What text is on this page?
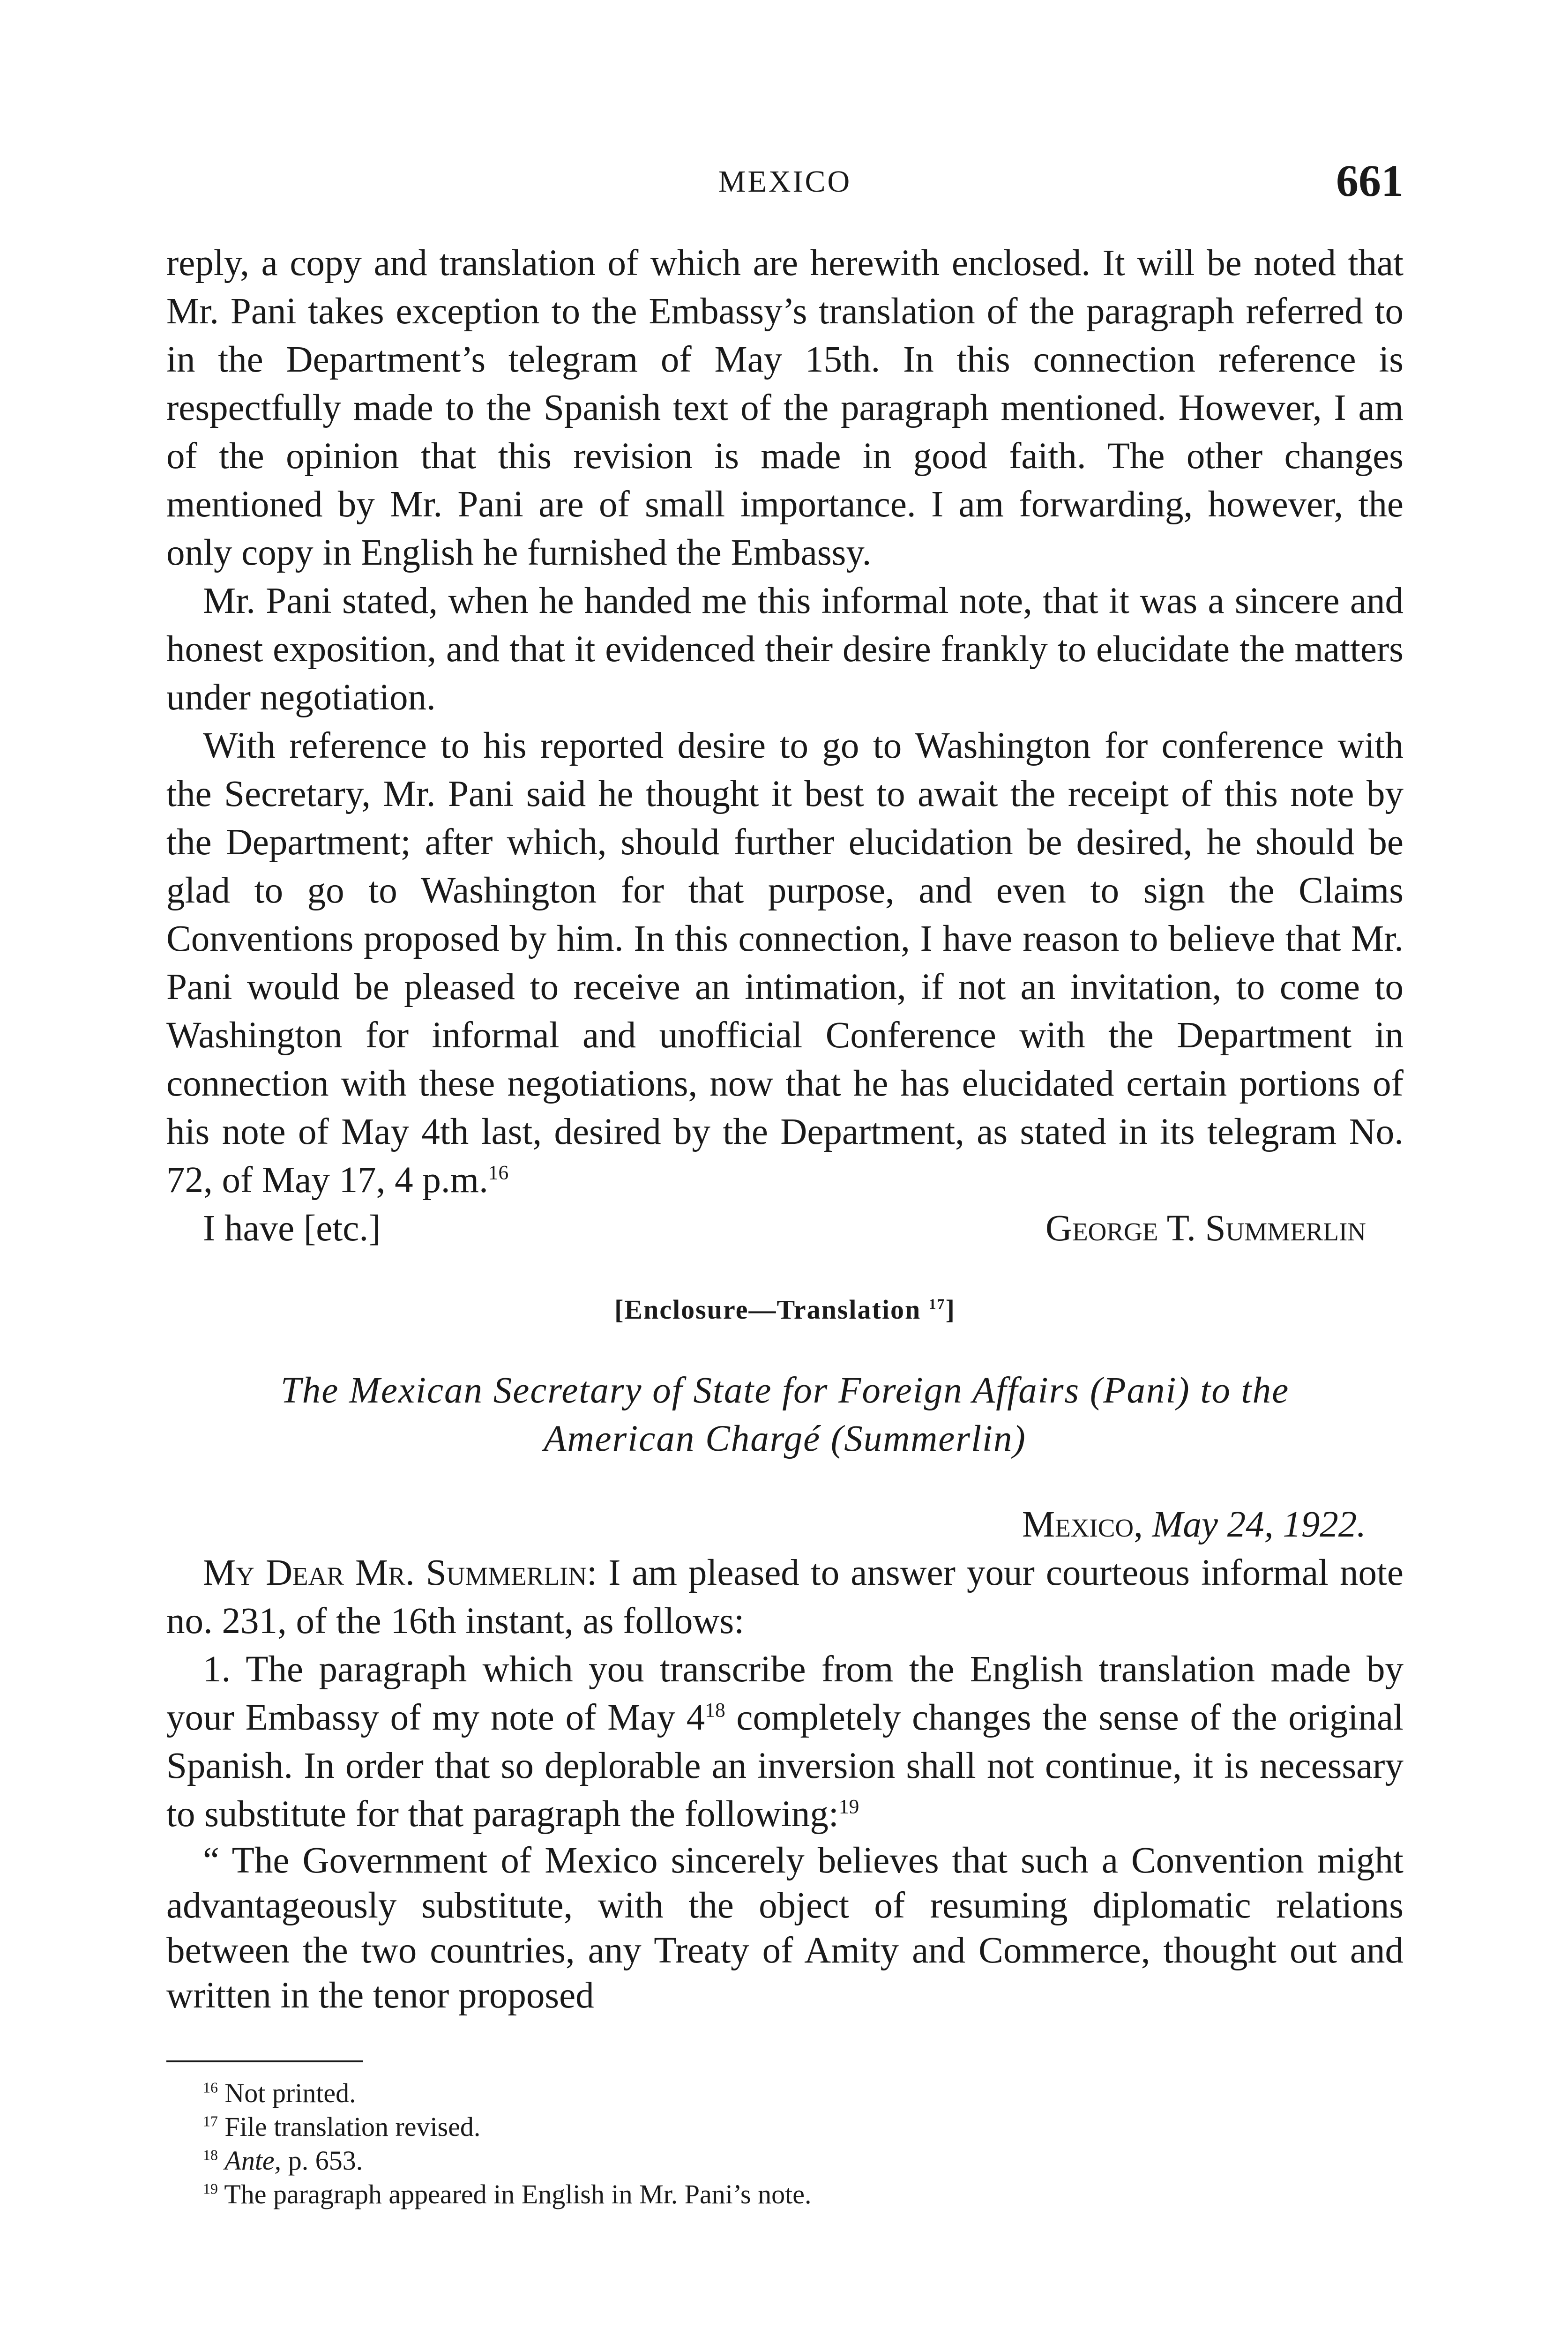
MEXICO	661

reply, a copy and translation of which are herewith enclosed. It will be noted that Mr. Pani takes exception to the Embassy’s translation of the paragraph referred to in the Department’s telegram of May 15th. In this connection reference is respectfully made to the Spanish text of the paragraph mentioned. However, I am of the opinion that this revision is made in good faith. The other changes mentioned by Mr. Pani are of small importance. I am forwarding, however, the only copy in English he furnished the Embassy.

Mr. Pani stated, when he handed me this informal note, that it was a sincere and honest exposition, and that it evidenced their desire frankly to elucidate the matters under negotiation.

With reference to his reported desire to go to Washington for conference with the Secretary, Mr. Pani said he thought it best to await the receipt of this note by the Department; after which, should further elucidation be desired, he should be glad to go to Washington for that purpose, and even to sign the Claims Conventions proposed by him. In this connection, I have reason to believe that Mr. Pani would be pleased to receive an intimation, if not an invitation, to come to Washington for informal and unofficial Conference with the Department in connection with these negotiations, now that he has elucidated certain portions of his note of May 4th last, desired by the Department, as stated in its telegram No. 72, of May 17, 4 p.m.$^{16}$

I have [etc.]	George T. Summerlin
[Enclosure—Translation $^{17}$]
The Mexican Secretary of State for Foreign Affairs (Pani) to the
American Chargé (Summerlin)
Mexico, May 24, 1922.

My Dear Mr. Summerlin: I am pleased to answer your courteous informal note no. 231, of the 16th instant, as follows:

1. The paragraph which you transcribe from the English translation made by your Embassy of my note of May $4^{18}$ completely changes the sense of the original Spanish. In order that so deplorable an inversion shall not continue, it is necessary to substitute for that paragraph the following:$^{19}$

“ The Government of Mexico sincerely believes that such a Convention might advantageously substitute, with the object of resuming diplomatic relations between the two countries, any Treaty of Amity and Commerce, thought out and written in the tenor proposed

$^{16}$ Not printed.
$^{17}$ File translation revised.
$^{18}$ Ante, p. 653.
$^{19}$ The paragraph appeared in English in Mr. Pani’s note.
